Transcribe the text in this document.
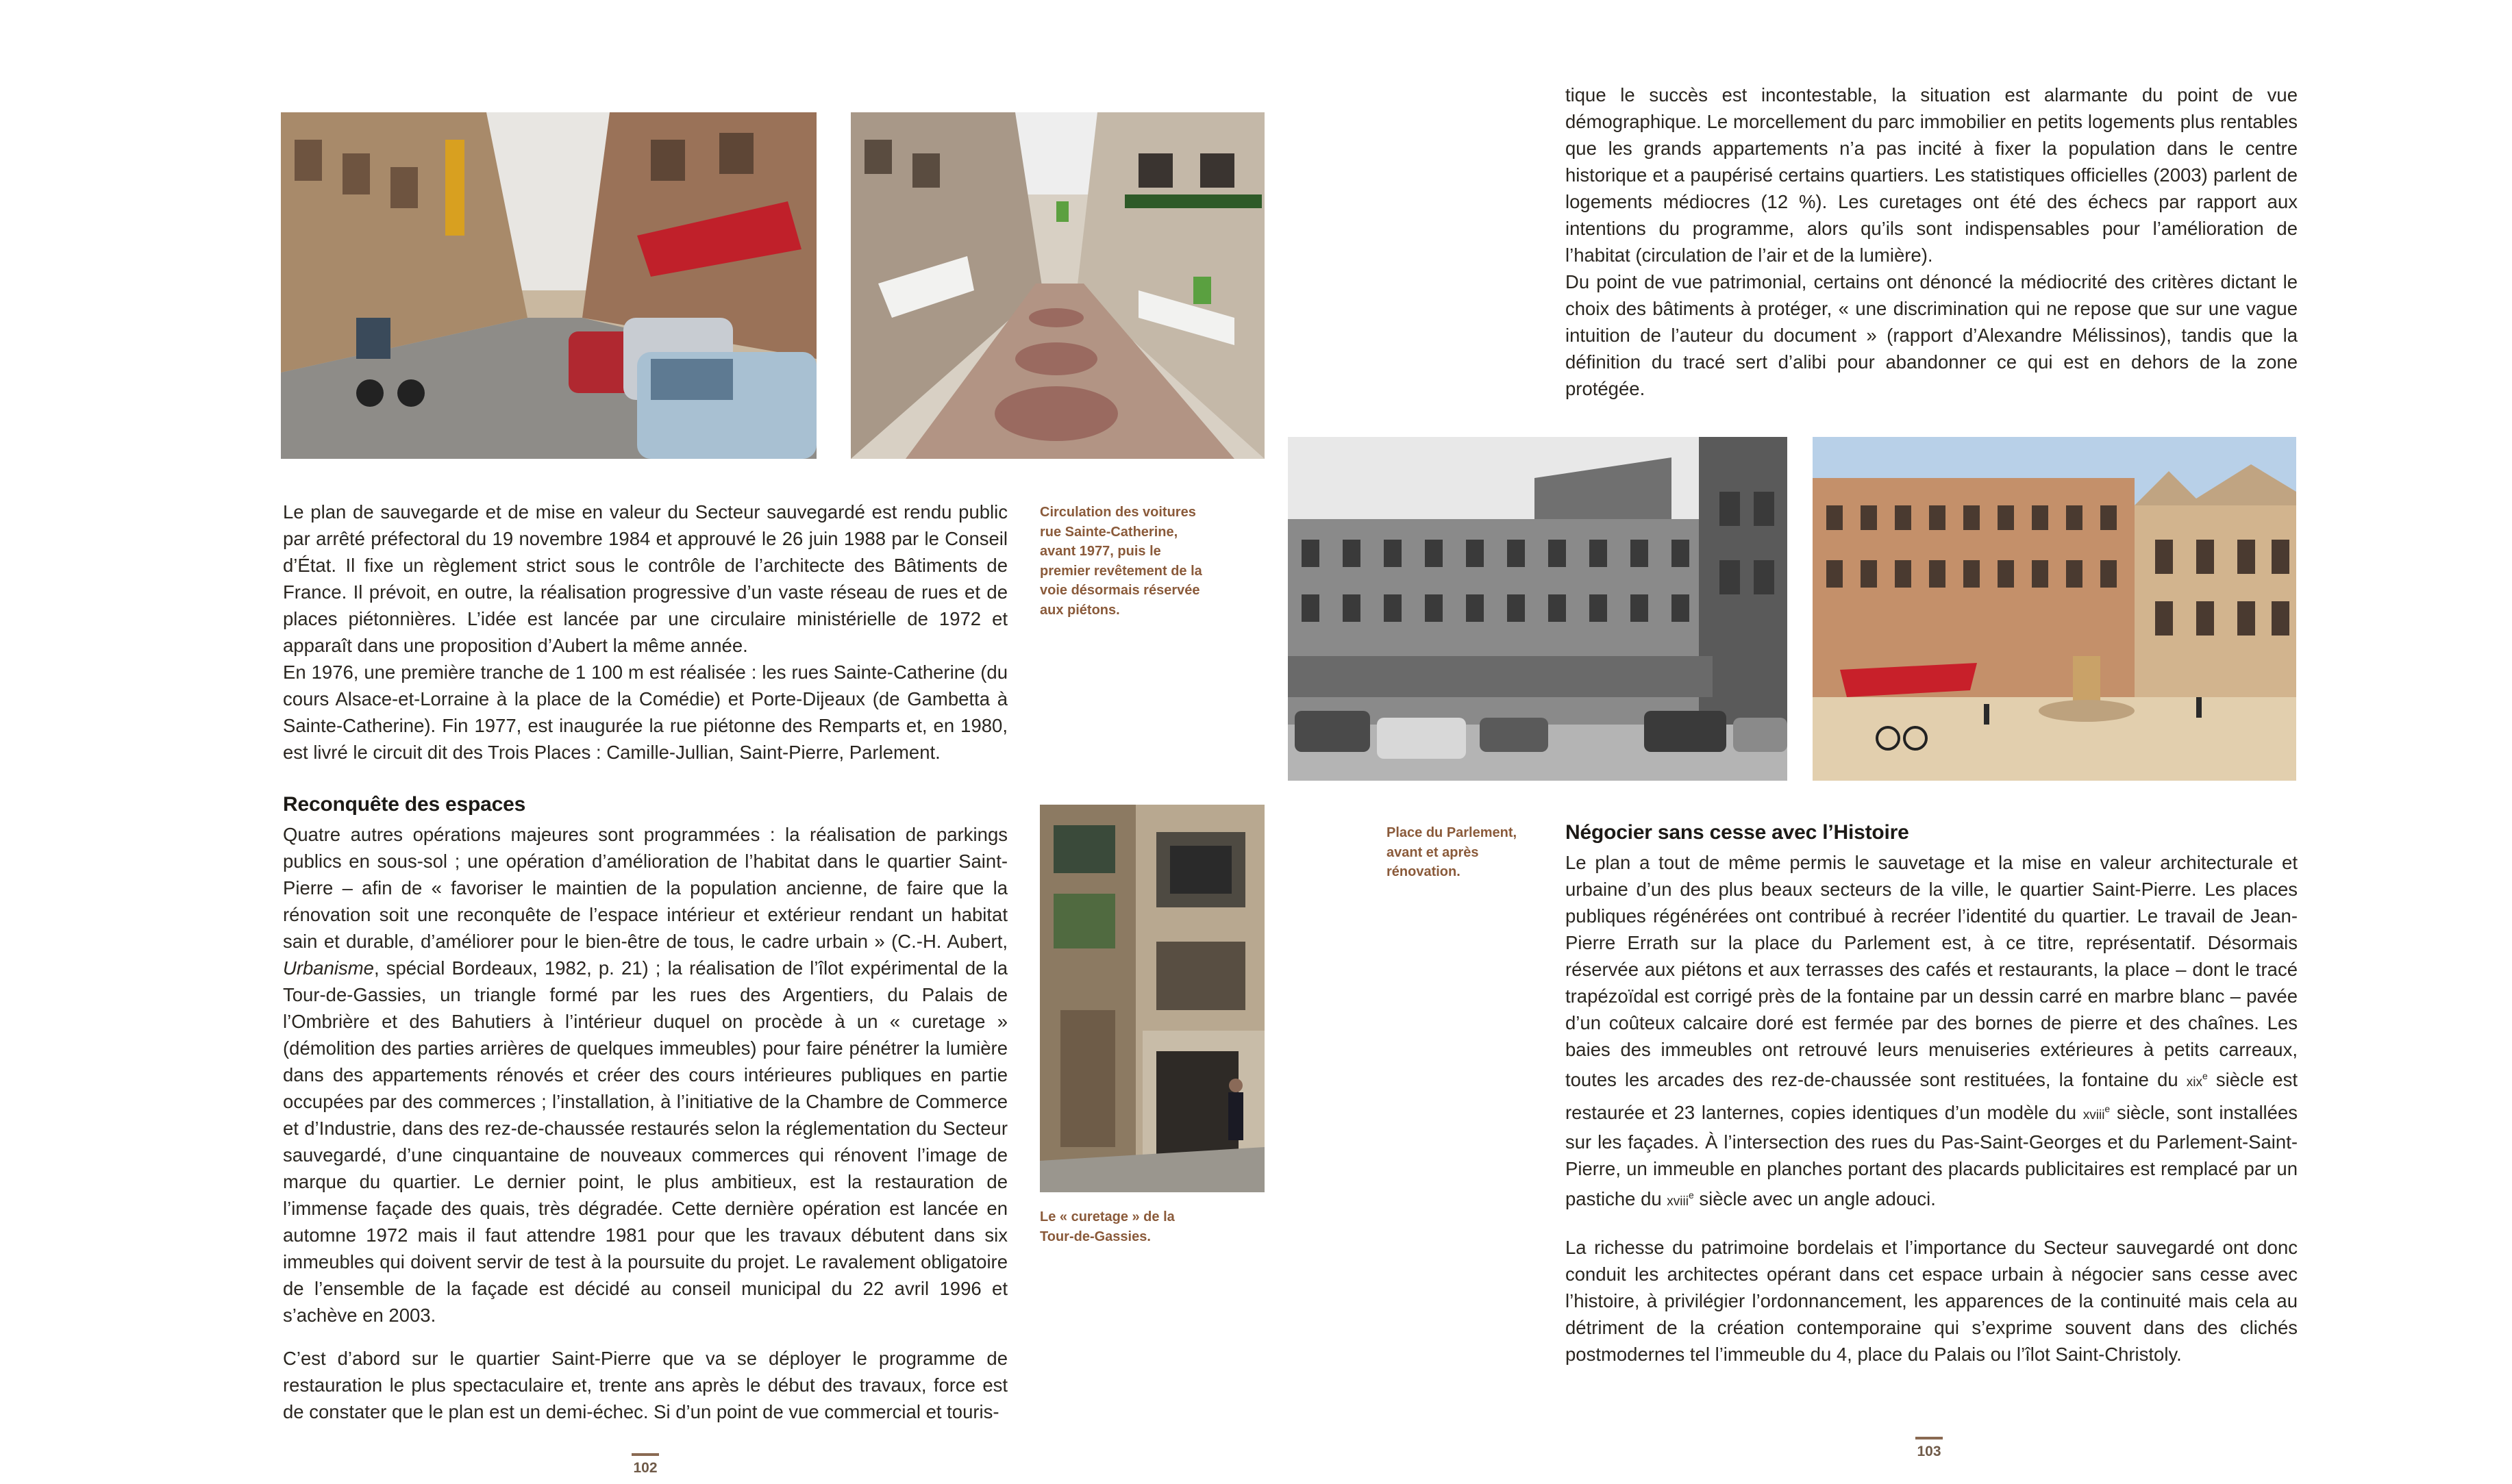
Le plan de sauvegarde et de mise en valeur du Secteur sauvegardé est rendu public par arrêté préfectoral du 19 novembre 1984 et approuvé le 26 juin 1988 par le Conseil d’État. Il fixe un règlement strict sous le contrôle de l’architecte des Bâtiments de France. Il prévoit, en outre, la réalisation progressive d’un vaste réseau de rues et de places piétonnières. L’idée est lancée par une circulaire ministérielle de 1972 et apparaît dans une proposition d’Aubert la même année.

En 1976, une première tranche de 1 100 m est réalisée : les rues Sainte-Catherine (du cours Alsace-et-Lorraine à la place de la Comédie) et Porte-Dijeaux (de Gambetta à Sainte-Catherine). Fin 1977, est inaugurée la rue piétonne des Remparts et, en 1980, est livré le circuit dit des Trois Places : Camille-Jullian, Saint-Pierre, Parlement.

Reconquête des espaces

Quatre autres opérations majeures sont programmées : la réalisation de parkings publics en sous-sol ; une opération d’amélioration de l’habitat dans le quartier Saint-Pierre – afin de « favoriser le maintien de la population ancienne, de faire que la rénovation soit une reconquête de l’espace intérieur et extérieur rendant un habitat sain et durable, d’améliorer pour le bien-être de tous, le cadre urbain » (C.-H. Aubert, Urbanisme, spécial Bordeaux, 1982, p. 21) ; la réalisation de l’îlot expérimental de la Tour-de-Gassies, un triangle formé par les rues des Argentiers, du Palais de l’Ombrière et des Bahutiers à l’intérieur duquel on procède à un « curetage » (démolition des parties arrières de quelques immeubles) pour faire pénétrer la lumière dans des appartements rénovés et créer des cours intérieures publiques en partie occupées par des commerces ; l’installation, à l’initiative de la Chambre de Commerce et d’Industrie, dans des rez-de-chaussée restaurés selon la réglementation du Secteur sauvegardé, d’une cinquantaine de nouveaux commerces qui rénovent l’image de marque du quartier. Le dernier point, le plus ambitieux, est la restauration de l’immense façade des quais, très dégradée. Cette dernière opération est lancée en automne 1972 mais il faut attendre 1981 pour que les travaux débutent dans six immeubles qui doivent servir de test à la poursuite du projet. Le ravalement obligatoire de l’ensemble de la façade est décidé au conseil municipal du 22 avril 1996 et s’achève en 2003.

C’est d’abord sur le quartier Saint-Pierre que va se déployer le programme de restauration le plus spectaculaire et, trente ans après le début des travaux, force est de constater que le plan est un demi-échec. Si d’un point de vue commercial et touris-

Circulation des voitures rue Sainte-Catherine, avant 1977, puis le premier revêtement de la voie désormais réservée aux piétons.
Le « curetage » de la Tour-de-Gassies.
102

tique le succès est incontestable, la situation est alarmante du point de vue démographique. Le morcellement du parc immobilier en petits logements plus rentables que les grands appartements n’a pas incité à fixer la population dans le centre historique et a paupérisé certains quartiers. Les statistiques officielles (2003) parlent de logements médiocres (12 %). Les curetages ont été des échecs par rapport aux intentions du programme, alors qu’ils sont indispensables pour l’amélioration de l’habitat (circulation de l’air et de la lumière).

Du point de vue patrimonial, certains ont dénoncé la médiocrité des critères dictant le choix des bâtiments à protéger, « une discrimination qui ne repose que sur une vague intuition de l’auteur du document » (rapport d’Alexandre Mélissinos), tandis que la définition du tracé sert d’alibi pour abandonner ce qui est en dehors de la zone protégée.

Place du Parlement, avant et après rénovation.
Négocier sans cesse avec l’Histoire

Le plan a tout de même permis le sauvetage et la mise en valeur architecturale et urbaine d’un des plus beaux secteurs de la ville, le quartier Saint-Pierre. Les places publiques régénérées ont contribué à recréer l’identité du quartier. Le travail de Jean-Pierre Errath sur la place du Parlement est, à ce titre, représentatif. Désormais réservée aux piétons et aux terrasses des cafés et restaurants, la place – dont le tracé trapézoïdal est corrigé près de la fontaine par un dessin carré en marbre blanc – pavée d’un coûteux calcaire doré est fermée par des bornes de pierre et des chaînes. Les baies des immeubles ont retrouvé leurs menuiseries extérieures à petits carreaux, toutes les arcades des rez-de-chaussée sont restituées, la fontaine du xix$^e$ siècle est restaurée et 23 lanternes, copies identiques d’un modèle du xviii$^e$ siècle, sont installées sur les façades. À l’intersection des rues du Pas-Saint-Georges et du Parlement-Saint-Pierre, un immeuble en planches portant des placards publicitaires est remplacé par un pastiche du xviii$^e$ siècle avec un angle adouci.

La richesse du patrimoine bordelais et l’importance du Secteur sauvegardé ont donc conduit les architectes opérant dans cet espace urbain à négocier sans cesse avec l’histoire, à privilégier l’ordonnancement, les apparences de la continuité mais cela au détriment de la création contemporaine qui s’exprime souvent dans des clichés postmodernes tel l’immeuble du 4, place du Palais ou l’îlot Saint-Christoly.

103
